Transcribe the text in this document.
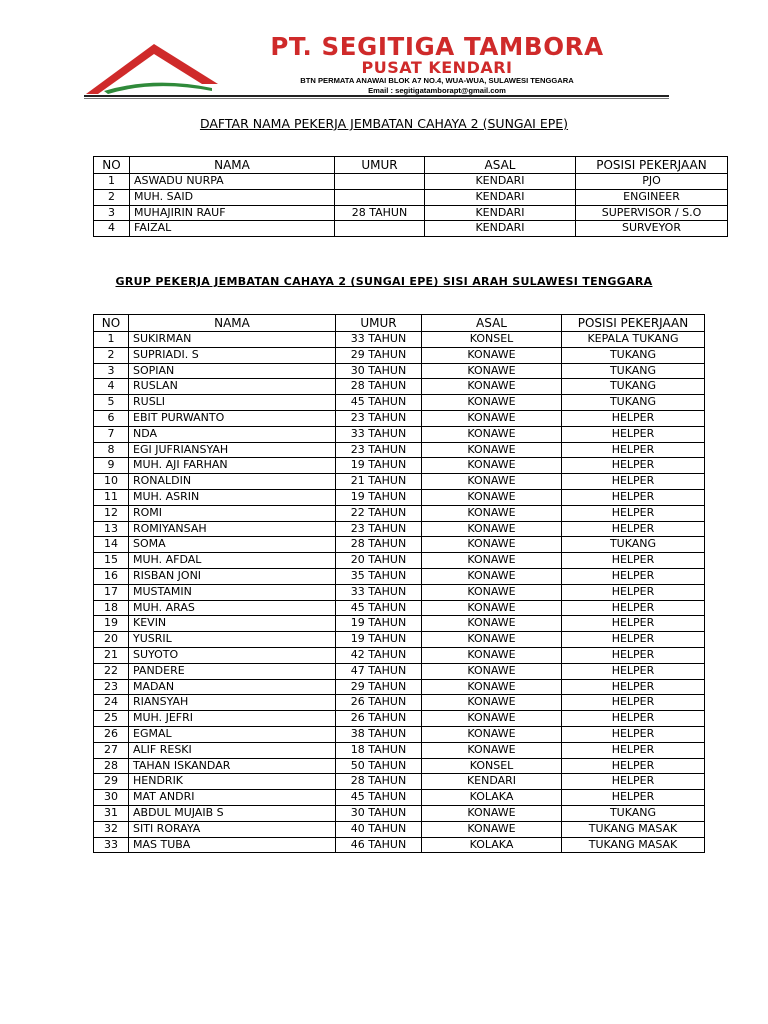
PT. SEGITIGA TAMBORA
PUSAT KENDARI
BTN PERMATA ANAWAI BLOK A7 NO.4, WUA-WUA, SULAWESI TENGGARA
Email : segitigatamborapt@gmail.com
DAFTAR NAMA PEKERJA JEMBATAN CAHAYA 2 (SUNGAI EPE)
NO	NAMA	UMUR	ASAL	POSISI PEKERJAAN
1	ASWADU NURPA		KENDARI	PJO
2	MUH. SAID		KENDARI	ENGINEER
3	MUHAJIRIN RAUF	28 TAHUN	KENDARI	SUPERVISOR / S.O
4	FAIZAL		KENDARI	SURVEYOR
GRUP PEKERJA JEMBATAN CAHAYA 2 (SUNGAI EPE) SISI ARAH SULAWESI TENGGARA
NO	NAMA	UMUR	ASAL	POSISI PEKERJAAN
1	SUKIRMAN	33 TAHUN	KONSEL	KEPALA TUKANG
2	SUPRIADI. S	29 TAHUN	KONAWE	TUKANG
3	SOPIAN	30 TAHUN	KONAWE	TUKANG
4	RUSLAN	28 TAHUN	KONAWE	TUKANG
5	RUSLI	45 TAHUN	KONAWE	TUKANG
6	EBIT PURWANTO	23 TAHUN	KONAWE	HELPER
7	NDA	33 TAHUN	KONAWE	HELPER
8	EGI JUFRIANSYAH	23 TAHUN	KONAWE	HELPER
9	MUH. AJI FARHAN	19 TAHUN	KONAWE	HELPER
10	RONALDIN	21 TAHUN	KONAWE	HELPER
11	MUH. ASRIN	19 TAHUN	KONAWE	HELPER
12	ROMI	22 TAHUN	KONAWE	HELPER
13	ROMIYANSAH	23 TAHUN	KONAWE	HELPER
14	SOMA	28 TAHUN	KONAWE	TUKANG
15	MUH. AFDAL	20 TAHUN	KONAWE	HELPER
16	RISBAN JONI	35 TAHUN	KONAWE	HELPER
17	MUSTAMIN	33 TAHUN	KONAWE	HELPER
18	MUH. ARAS	45 TAHUN	KONAWE	HELPER
19	KEVIN	19 TAHUN	KONAWE	HELPER
20	YUSRIL	19 TAHUN	KONAWE	HELPER
21	SUYOTO	42 TAHUN	KONAWE	HELPER
22	PANDERE	47 TAHUN	KONAWE	HELPER
23	MADAN	29 TAHUN	KONAWE	HELPER
24	RIANSYAH	26 TAHUN	KONAWE	HELPER
25	MUH. JEFRI	26 TAHUN	KONAWE	HELPER
26	EGMAL	38 TAHUN	KONAWE	HELPER
27	ALIF RESKI	18 TAHUN	KONAWE	HELPER
28	TAHAN ISKANDAR	50 TAHUN	KONSEL	HELPER
29	HENDRIK	28 TAHUN	KENDARI	HELPER
30	MAT ANDRI	45 TAHUN	KOLAKA	HELPER
31	ABDUL MUJAIB S	30 TAHUN	KONAWE	TUKANG
32	SITI RORAYA	40 TAHUN	KONAWE	TUKANG MASAK
33	MAS TUBA	46 TAHUN	KOLAKA	TUKANG MASAK
